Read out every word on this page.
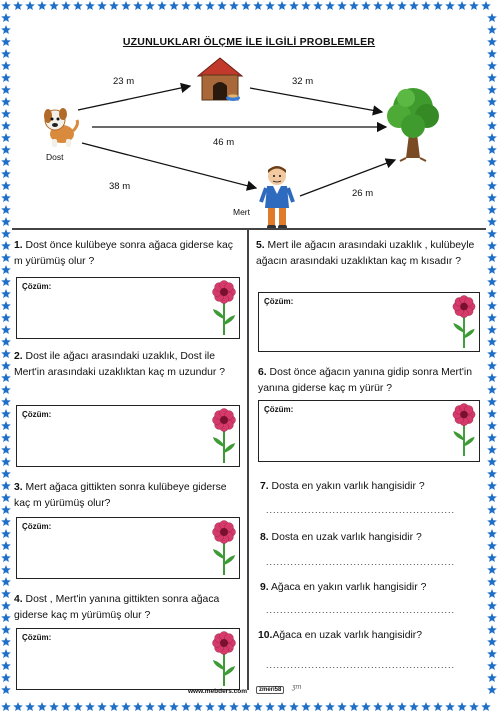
UZUNLUKLARI ÖLÇME İLE İLGİLİ PROBLEMLER
23 m	32 m
46 m
38 m
26 m
Dost
Mert
1. Dost önce kulübeye sonra ağaca giderse kaç m yürümüş olur ?
Çözüm:
2. Dost ile ağacı arasındaki uzaklık, Dost ile Mert'in arasındaki uzaklıktan kaç m uzundur ?
Çözüm:
3. Mert ağaca gittikten sonra kulübeye giderse kaç m yürümüş olur?
Çözüm:
4. Dost , Mert'in yanına gittikten sonra ağaca giderse kaç m yürümüş olur ?
Çözüm:
5. Mert ile ağacın arasındaki uzaklık , kulübeyle ağacın arasındaki uzaklıktan kaç m kısadır ?
Çözüm:
6. Dost önce ağacın yanına gidip sonra Mert'in yanına giderse kaç m yürür ?
Çözüm:
7. Dosta en yakın varlık hangisidir ?
......................................................
8. Dosta en uzak varlık hangisidir ?
......................................................
9. Ağaca en yakın varlık hangisidir ?
......................................................
10.Ağaca en uzak varlık hangisidir?
......................................................
www.mebders.com	zmeri58	ʒm
